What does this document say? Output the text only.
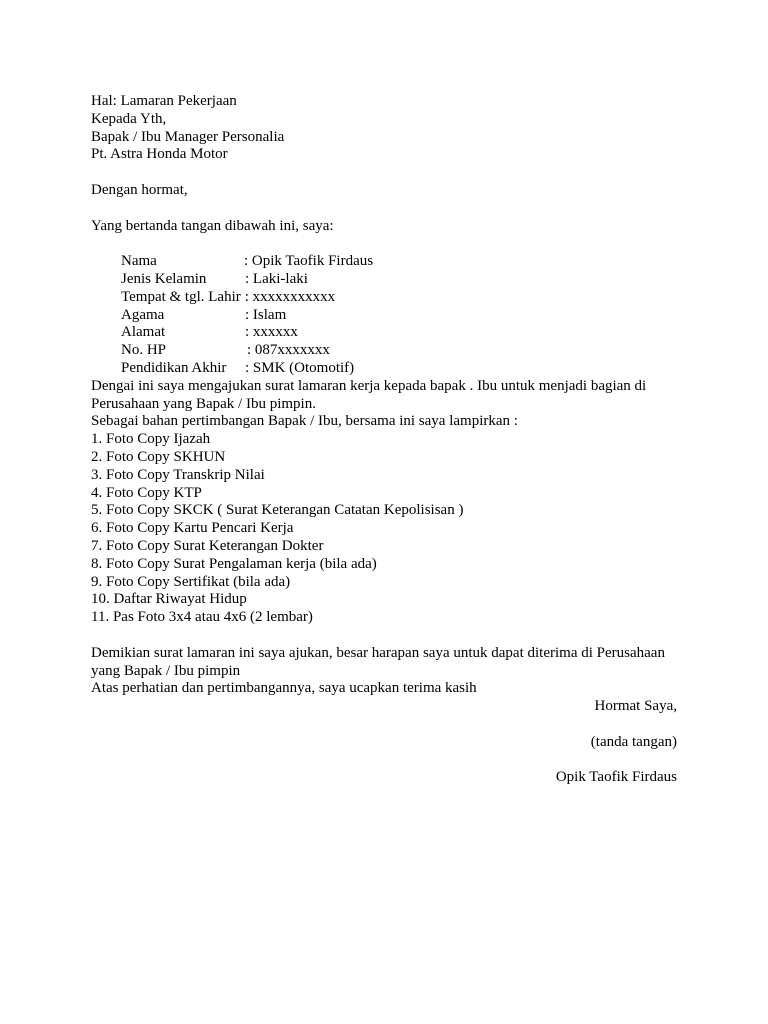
Hal: Lamaran Pekerjaan
Kepada Yth,
Bapak / Ibu Manager Personalia
Pt. Astra Honda Motor
Dengan hormat,
Yang bertanda tangan dibawah ini, saya:

Nama	: Opik Taofik Firdaus

Jenis Kelamin	: Laki-laki

Tempat & tgl. Lahir : xxxxxxxxxxx

Agama	: Islam

Alamat	: xxxxxx

No. HP	: 087xxxxxxx

Pendidikan Akhir : SMK (Otomotif)

Dengai ini saya mengajukan surat lamaran kerja kepada bapak . Ibu untuk menjadi bagian di Perusahaan yang Bapak / Ibu pimpin.
Sebagai bahan pertimbangan Bapak / Ibu, bersama ini saya lampirkan :
1. Foto Copy Ijazah
2. Foto Copy SKHUN
3. Foto Copy Transkrip Nilai
4. Foto Copy KTP
5. Foto Copy SKCK ( Surat Keterangan Catatan Kepolisisan )
6. Foto Copy Kartu Pencari Kerja
7. Foto Copy Surat Keterangan Dokter
8. Foto Copy Surat Pengalaman kerja (bila ada)
9. Foto Copy Sertifikat (bila ada)
10. Daftar Riwayat Hidup
11. Pas Foto 3x4 atau 4x6 (2 lembar)
Demikian surat lamaran ini saya ajukan, besar harapan saya untuk dapat diterima di Perusahaan yang Bapak / Ibu pimpin
Atas perhatian dan pertimbangannya, saya ucapkan terima kasih
Hormat Saya,
(tanda tangan)
Opik Taofik Firdaus
